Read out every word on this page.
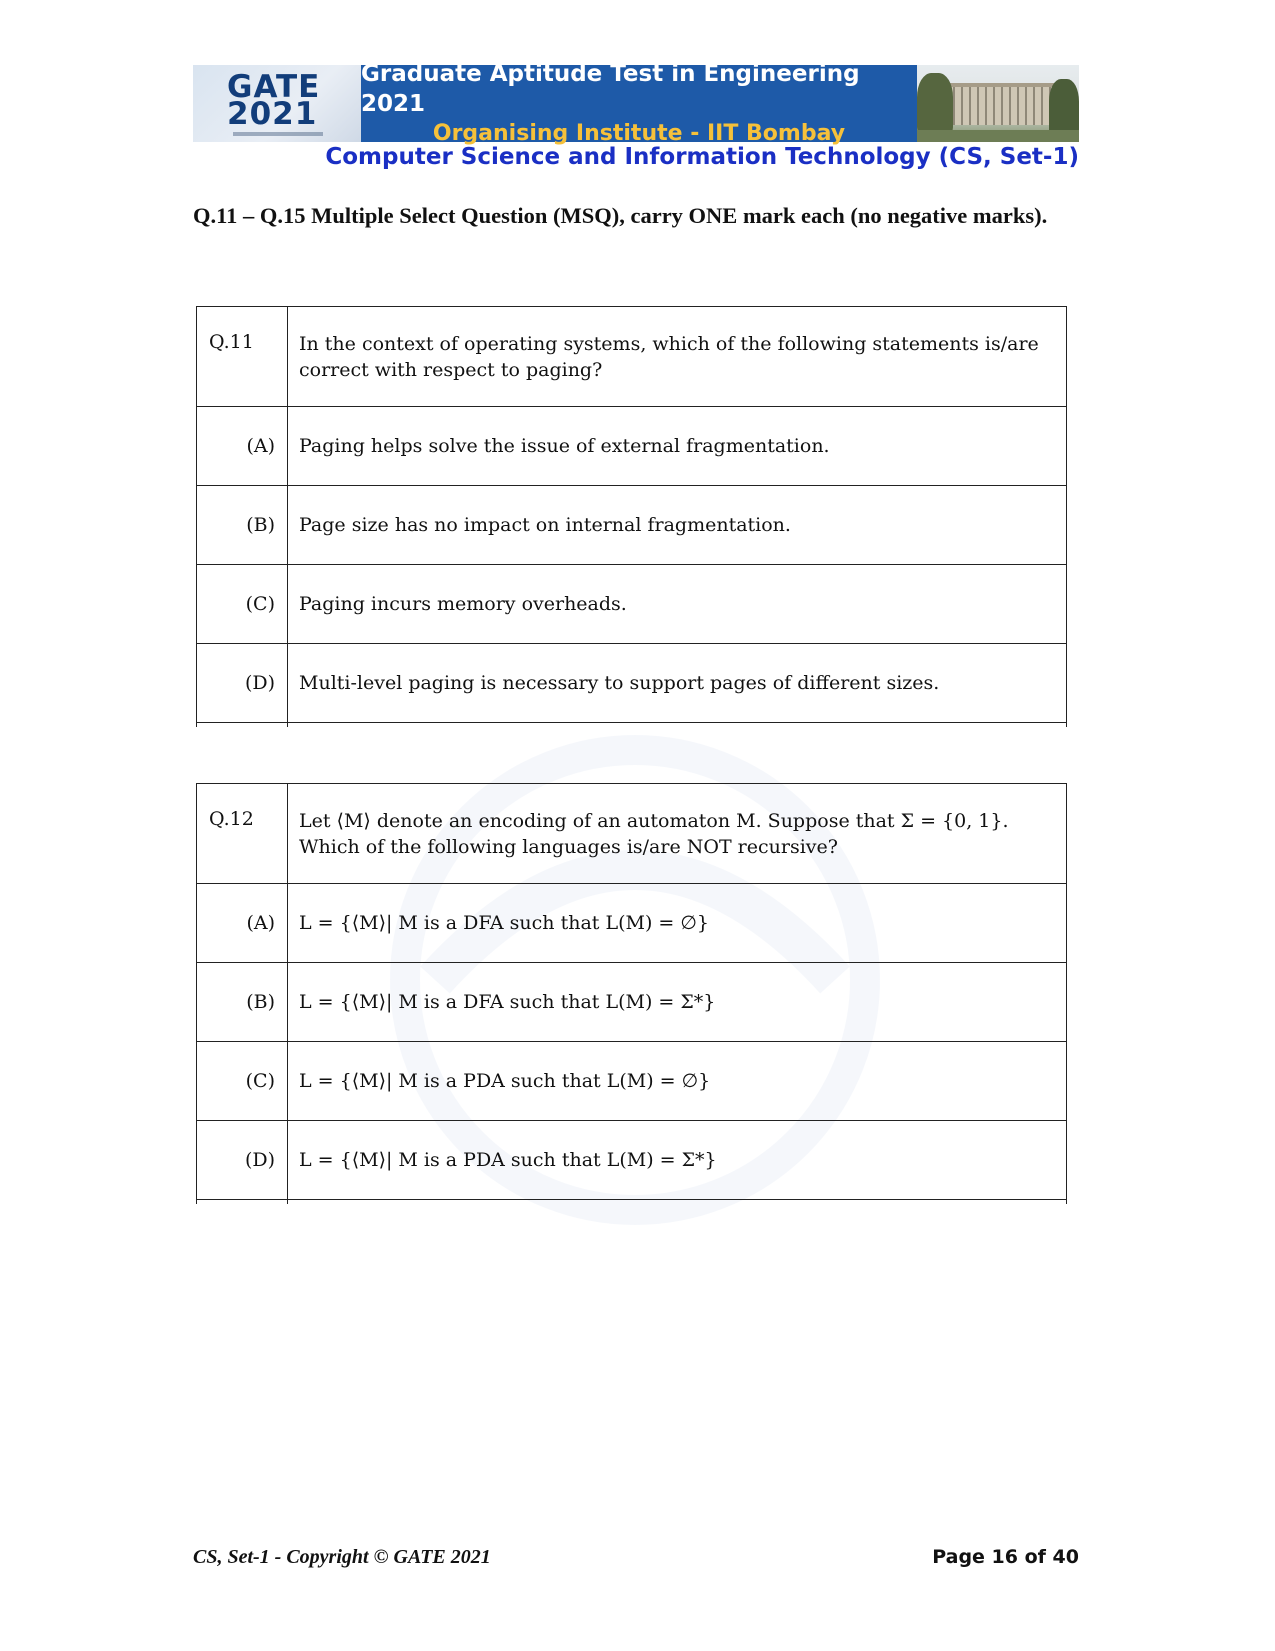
GATE
2021
Graduate Aptitude Test in Engineering 2021
Organising Institute - IIT Bombay
Computer Science and Information Technology (CS, Set-1)
Q.11 – Q.15 Multiple Select Question (MSQ), carry ONE mark each (no negative marks).
Q.11	In the context of operating systems, which of the following statements is/are correct with respect to paging?
(A)	Paging helps solve the issue of external fragmentation.
(B)	Page size has no impact on internal fragmentation.
(C)	Paging incurs memory overheads.
(D)	Multi-level paging is necessary to support pages of different sizes.

Q.12	Let ⟨M⟩ denote an encoding of an automaton M. Suppose that Σ = {0, 1}. Which of the following languages is/are NOT recursive?
(A)	L = {⟨M⟩| M is a DFA such that L(M) = ∅}
(B)	L = {⟨M⟩| M is a DFA such that L(M) = Σ*}
(C)	L = {⟨M⟩| M is a PDA such that L(M) = ∅}
(D)	L = {⟨M⟩| M is a PDA such that L(M) = Σ*}

CS, Set-1 - Copyright © GATE 2021	Page 16 of 40
